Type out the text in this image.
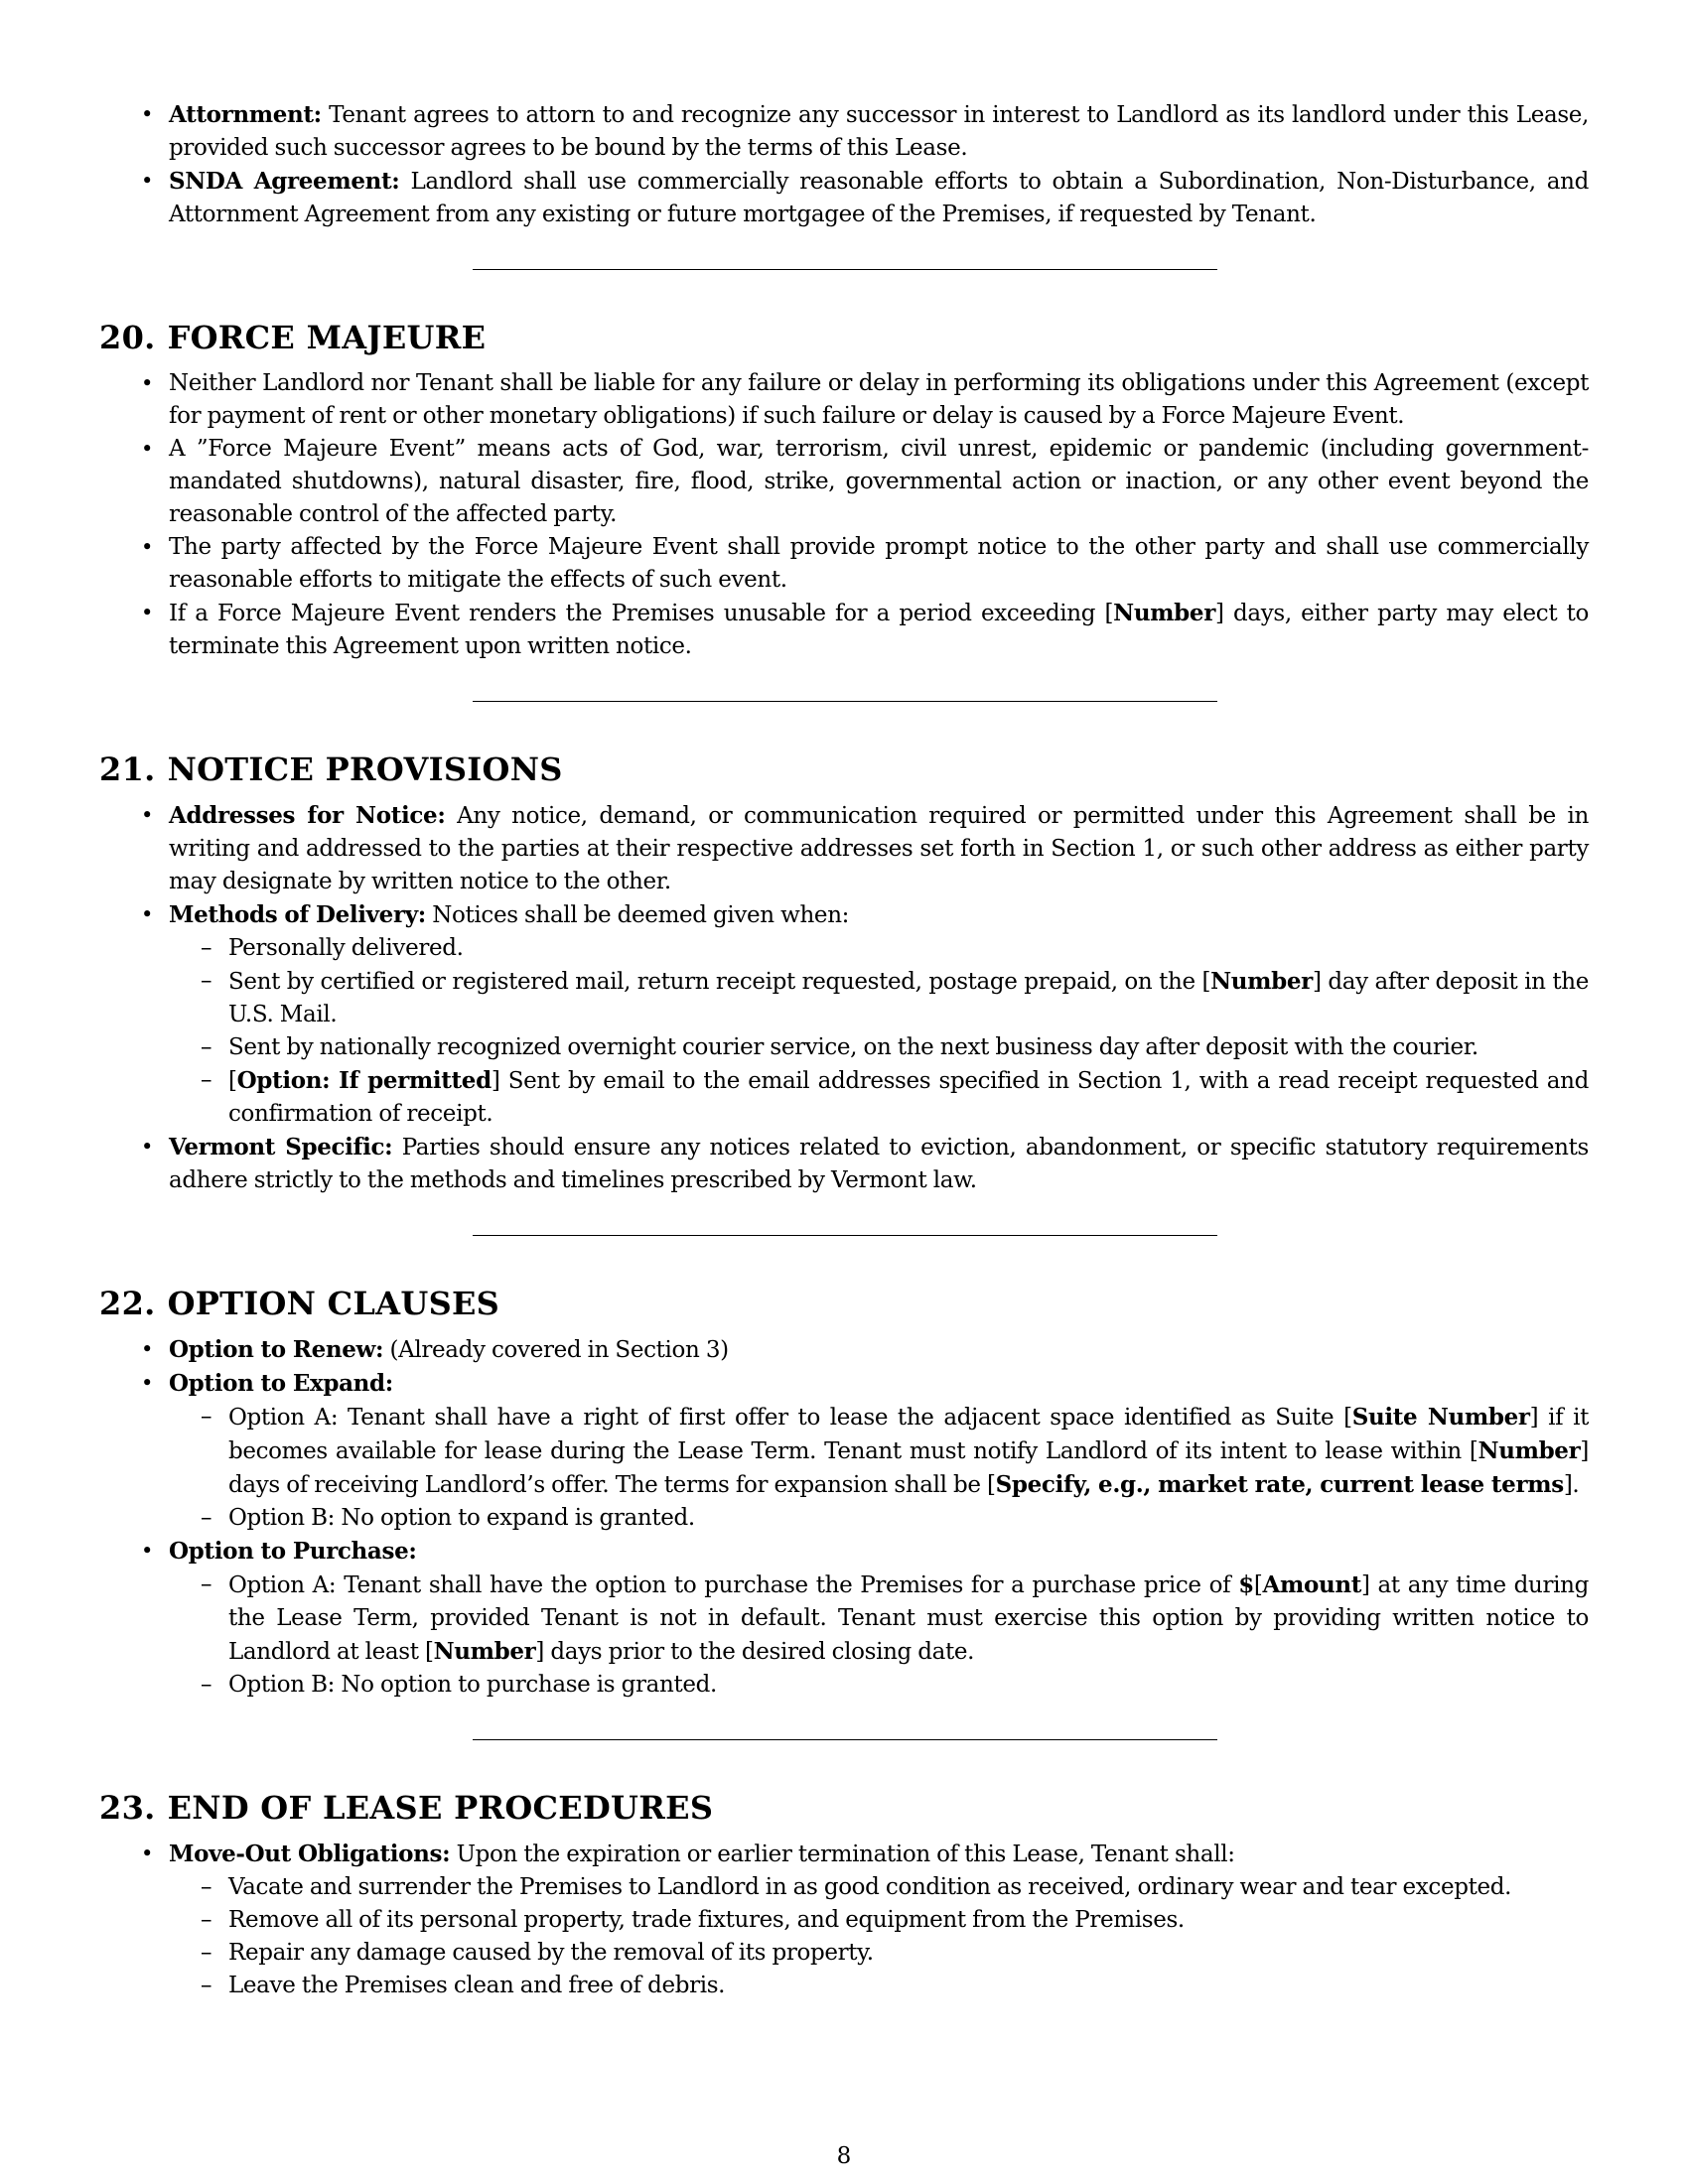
• Attornment: Tenant agrees to attorn to and recognize any successor in interest to Landlord as its landlord under this Lease, provided such successor agrees to be bound by the terms of this Lease.
• SNDA Agreement: Landlord shall use commercially reasonable efforts to obtain a Subordination, Non-Disturbance, and Attornment Agreement from any existing or future mortgagee of the Premises, if requested by Tenant.
20. FORCE MAJEURE
• Neither Landlord nor Tenant shall be liable for any failure or delay in performing its obligations under this Agreement (except for payment of rent or other monetary obligations) if such failure or delay is caused by a Force Majeure Event.
• A ”Force Majeure Event” means acts of God, war, terrorism, civil unrest, epidemic or pandemic (including government-mandated shutdowns), natural disaster, fire, flood, strike, governmental action or inaction, or any other event beyond the reasonable control of the affected party.
• The party affected by the Force Majeure Event shall provide prompt notice to the other party and shall use commercially reasonable efforts to mitigate the effects of such event.
• If a Force Majeure Event renders the Premises unusable for a period exceeding [Number] days, either party may elect to terminate this Agreement upon written notice.
21. NOTICE PROVISIONS
• Addresses for Notice: Any notice, demand, or communication required or permitted under this Agreement shall be in writing and addressed to the parties at their respective addresses set forth in Section 1, or such other address as either party may designate by written notice to the other.
• Methods of Delivery: Notices shall be deemed given when:
– Personally delivered.
– Sent by certified or registered mail, return receipt requested, postage prepaid, on the [Number] day after deposit in the U.S. Mail.
– Sent by nationally recognized overnight courier service, on the next business day after deposit with the courier.
– [Option: If permitted] Sent by email to the email addresses specified in Section 1, with a read receipt requested and confirmation of receipt.
• Vermont Specific: Parties should ensure any notices related to eviction, abandonment, or specific statutory requirements adhere strictly to the methods and timelines prescribed by Vermont law.
22. OPTION CLAUSES
• Option to Renew: (Already covered in Section 3)
• Option to Expand:
– Option A: Tenant shall have a right of first offer to lease the adjacent space identified as Suite [Suite Number] if it becomes available for lease during the Lease Term. Tenant must notify Landlord of its intent to lease within [Number] days of receiving Landlord’s offer. The terms for expansion shall be [Specify, e.g., market rate, current lease terms].
– Option B: No option to expand is granted.
• Option to Purchase:
– Option A: Tenant shall have the option to purchase the Premises for a purchase price of $[Amount] at any time during the Lease Term, provided Tenant is not in default. Tenant must exercise this option by providing written notice to Landlord at least [Number] days prior to the desired closing date.
– Option B: No option to purchase is granted.
23. END OF LEASE PROCEDURES
• Move-Out Obligations: Upon the expiration or earlier termination of this Lease, Tenant shall:
– Vacate and surrender the Premises to Landlord in as good condition as received, ordinary wear and tear excepted.
– Remove all of its personal property, trade fixtures, and equipment from the Premises.
– Repair any damage caused by the removal of its property.
– Leave the Premises clean and free of debris.
8
